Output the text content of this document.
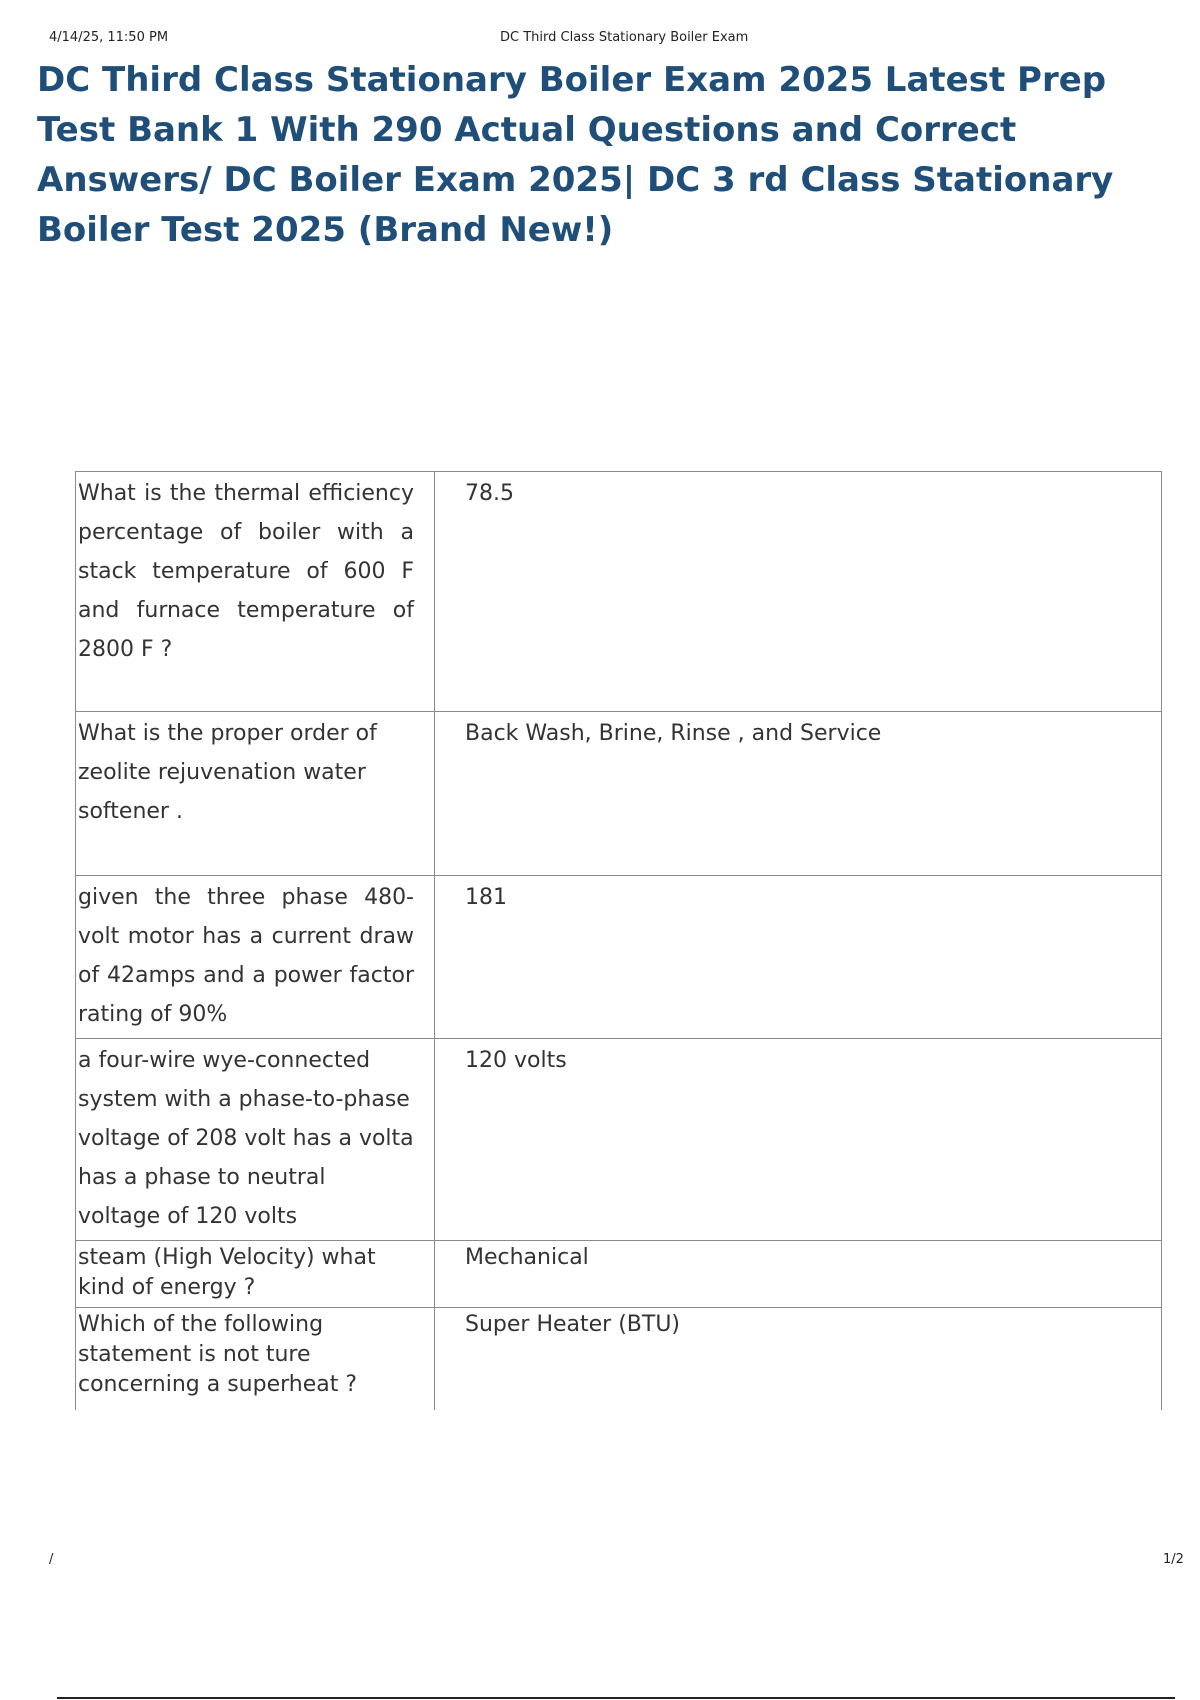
4/14/25, 11:50 PM	DC Third Class Stationary Boiler Exam
DC Third Class Stationary Boiler Exam 2025 Latest Prep Test Bank 1 With 290 Actual Questions and Correct Answers/ DC Boiler Exam 2025| DC 3 rd Class Stationary Boiler Test 2025 (Brand New!)
What is the thermal efficiency percentage of boiler with a stack temperature of 600 F and furnace temperature of 2800 F ?	78.5
What is the proper order of zeolite rejuvenation water softener .	Back Wash, Brine, Rinse , and Service
given the three phase 480-volt motor has a current draw of 42amps and a power factor rating of 90%	181
a four-wire wye-connected system with a phase-to-phase voltage of 208 volt has a volta has a phase to neutral voltage of 120 volts	120 volts
steam (High Velocity) what kind of energy ?	Mechanical
Which of the following statement is not ture concerning a superheat ?	Super Heater (BTU)
/	1/2
